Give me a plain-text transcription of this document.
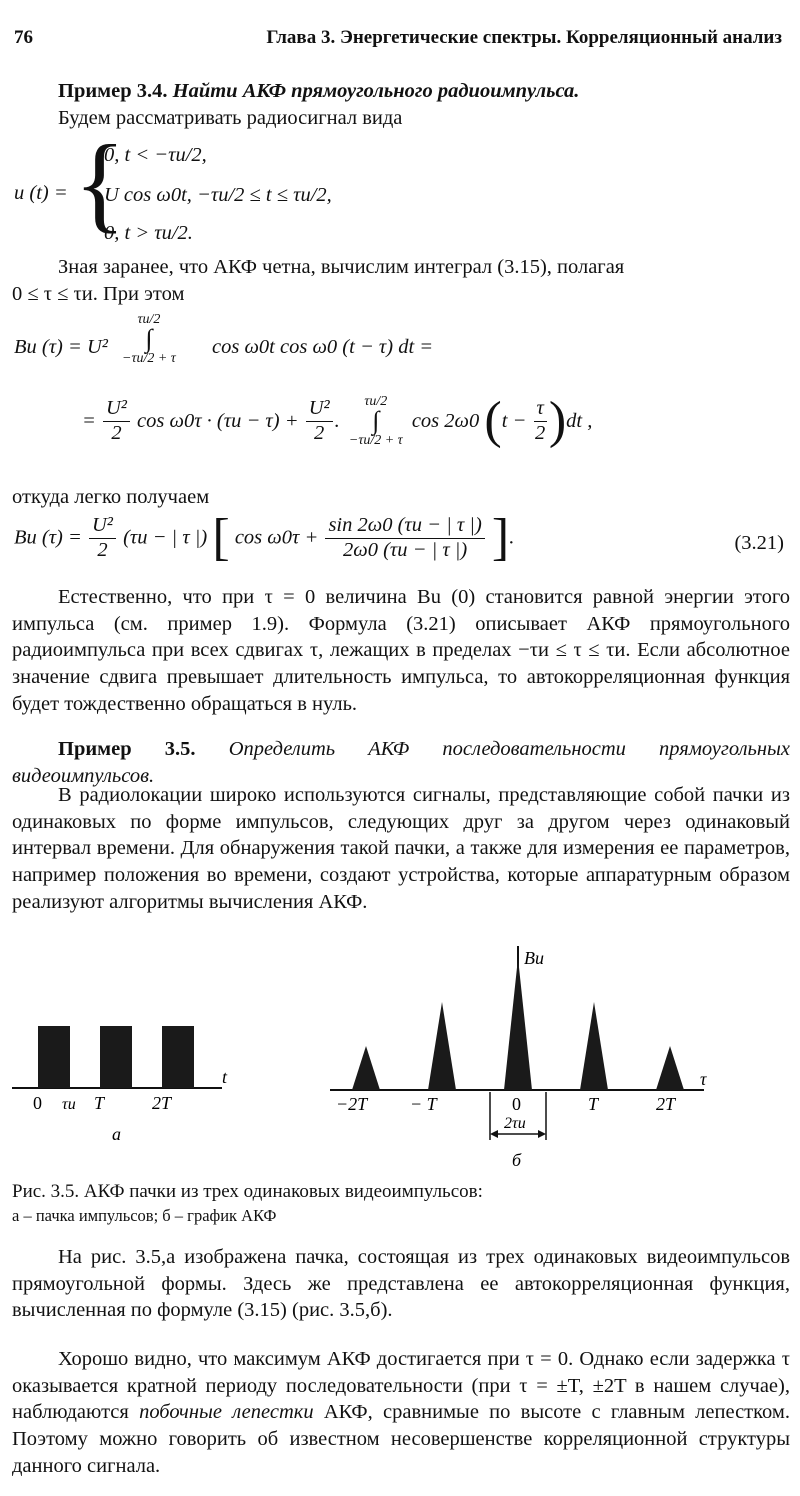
76	Глава 3. Энергетические спектры. Корреляционный анализ

Пример 3.4. Найти АКФ прямоугольного радиоимпульса.

Будем рассматривать радиосигнал вида

u (t) = {
0, t < −τи/2,
U cos ω0t, −τи/2 ≤ t ≤ τи/2,
0, t > τи/2.

Зная заранее, что АКФ четна, вычислим интеграл (3.15), полагая

0 ≤ τ ≤ τи. При этом

Bu (τ) = U²
τи/2
∫
−τи/2 + τ
cos ω0t cos ω0 (t − τ) dt =
= $\frac{\text{U²}}{2}$ $\cos \omega 0\tau \cdot (\tau и - \tau) + \frac{\text{U²}}{2}$ .
τи/2
∫
−τи/2 + τ
cos 2ω0 $(t - \frac{\tau}{2} )dt$ ,

откуда легко получаем

Bu $(\tau) = \frac{\text{U²}}{2} (\tau и$ − | τ |) [ $\cos \omega 0\tau + \frac{\sin 2\omega 0 (\tau и - | \tau |)}{2\omega 0 (\tau и - | \tau |)}$ ].	(3.21)

Естественно, что при τ = 0 величина Bu (0) становится равной энергии этого импульса (см. пример 1.9). Формула (3.21) описывает АКФ прямоугольного радиоимпульса при всех сдвигах τ, лежащих в пределах −τи ≤ τ ≤ τи. Если абсолютное значение сдвига превышает длительность импульса, то автокорреляционная функция будет тождественно обращаться в нуль.

Пример 3.5. Определить АКФ последовательности прямоугольных видеоимпульсов.

В радиолокации широко используются сигналы, представляющие собой пачки из одинаковых по форме импульсов, следующих друг за другом через одинаковый интервал времени. Для обнаружения такой пачки, а также для измерения ее параметров, например положения во времени, создают устройства, которые аппаратурным образом реализуют алгоритмы вычисления АКФ.

t
0 τи T	2T
а
Bu
τ
−2T − T	0	T	2T
2τи
б
Рис. 3.5. АКФ пачки из трех одинаковых видеоимпульсов:
а – пачка импульсов; б – график АКФ

На рис. 3.5,а изображена пачка, состоящая из трех одинаковых видеоимпульсов прямоугольной формы. Здесь же представлена ее автокорреляционная функция, вычисленная по формуле (3.15) (рис. 3.5,б).

Хорошо видно, что максимум АКФ достигается при τ = 0. Однако если задержка τ оказывается кратной периоду последовательности (при τ = ±T, ±2T в нашем случае), наблюдаются побочные лепестки АКФ, сравнимые по высоте с главным лепестком. Поэтому можно говорить об известном несовершенстве корреляционной структуры данного сигнала.
